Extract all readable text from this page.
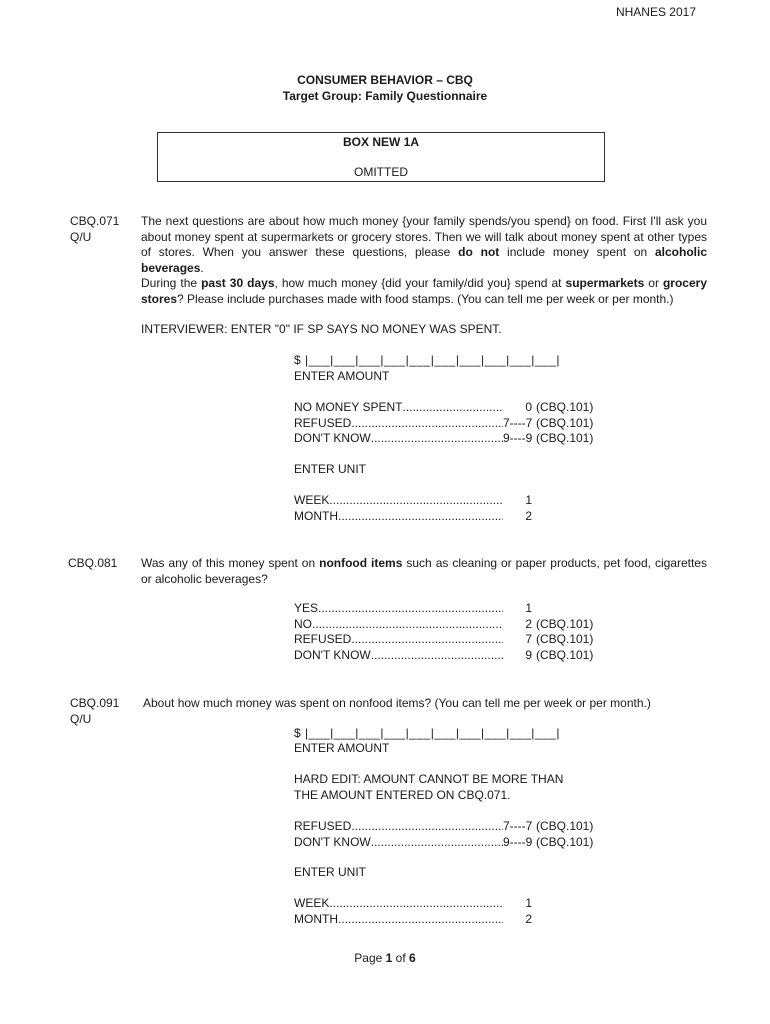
NHANES 2017
CONSUMER BEHAVIOR – CBQ
Target Group: Family Questionnaire
BOX NEW 1A
OMITTED
CBQ.071
Q/U
The next questions are about how much money {your family spends/you spend} on food. First I'll ask you about money spent at supermarkets or grocery stores. Then we will talk about money spent at other types of stores. When you answer these questions, please do not include money spent on alcoholic beverages.
During the past 30 days, how much money {did your family/did you} spend at supermarkets or grocery stores? Please include purchases made with food stamps. (You can tell me per week or per month.)
INTERVIEWER: ENTER "0" IF SP SAYS NO MONEY WAS SPENT.
$ |___|___|___|___|___|___|___|___|___|___|
ENTER AMOUNT
NO MONEY SPENT .....	0 (CBQ.101)
REFUSED .....	7----7 (CBQ.101)
DON'T KNOW .....	9----9 (CBQ.101)
ENTER UNIT
WEEK .....	1
MONTH .....	2
CBQ.081 Was any of this money spent on nonfood items such as cleaning or paper products, pet food, cigarettes or alcoholic beverages?
YES .....	1
NO .....	2 (CBQ.101)
REFUSED .....	7 (CBQ.101)
DON'T KNOW .....	9 (CBQ.101)
CBQ.091
Q/U
About how much money was spent on nonfood items? (You can tell me per week or per month.)
$ |___|___|___|___|___|___|___|___|___|___|
ENTER AMOUNT
HARD EDIT: AMOUNT CANNOT BE MORE THAN
THE AMOUNT ENTERED ON CBQ.071.
REFUSED .....	7----7 (CBQ.101)
DON'T KNOW .....	9----9 (CBQ.101)
ENTER UNIT
WEEK .....	1
MONTH .....	2
Page 1 of 6
